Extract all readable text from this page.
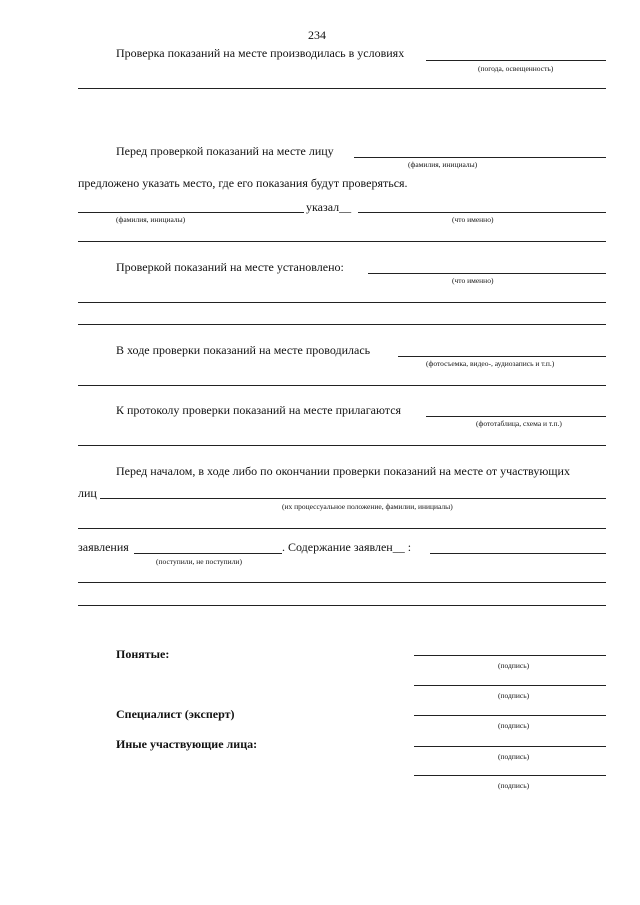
234
Проверка показаний на месте производилась в условиях
(погода, освещенность)
Перед проверкой показаний на месте лицу
(фамилия, инициалы)
предложено указать место, где его показания будут проверяться.
указал__
(фамилия, инициалы)	(что именно)
Проверкой показаний на месте установлено:
(что именно)
В ходе проверки показаний на месте проводилась
(фотосъемка, видео-, аудиозапись и т.п.)
К протоколу проверки показаний на месте прилагаются
(фототаблица, схема и т.п.)
Перед началом, в ходе либо по окончании проверки показаний на месте от участвующих
лиц
(их процессуальное положение, фамилии, инициалы)
заявления	. Содержание заявлен__ :
(поступили, не поступили)
Понятые:
(подпись)
(подпись)
Специалист (эксперт)
(подпись)
Иные участвующие лица:
(подпись)
(подпись)
